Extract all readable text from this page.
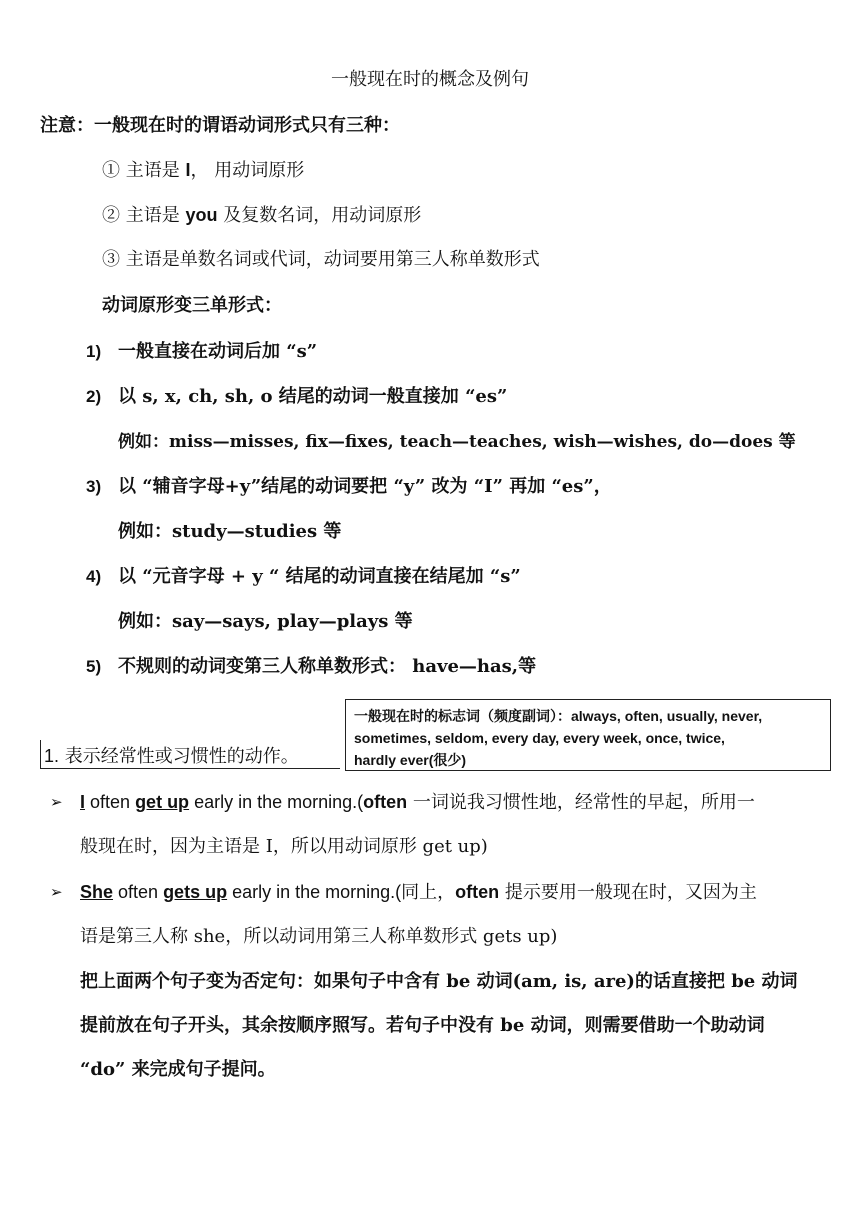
一般现在时的概念及例句
注意：一般现在时的谓语动词形式只有三种：
① 主语是 I， 用动词原形
② 主语是 you 及复数名词，用动词原形
③ 主语是单数名词或代词，动词要用第三人称单数形式
动词原形变三单形式：
1) 一般直接在动词后加 “s”
2) 以 s, x, ch, sh, o 结尾的动词一般直接加 “es”
例如：miss—misses, fix—fixes, teach—teaches, wish—wishes, do—does 等
3) 以 “辅音字母+y”结尾的动词要把 “y” 改为 “I” 再加 “es”，
例如：study—studies 等
4) 以 “元音字母 + y “ 结尾的动词直接在结尾加 “s”
例如：say—says, play—plays 等
5) 不规则的动词变第三人称单数形式： have—has,等
一般现在时的标志词（频度副词）：always, often, usually, never,
sometimes, seldom, every day, every week, once, twice,
hardly ever(很少)
1. 表示经常性或习惯性的动作。
➢ I often get up early in the morning.(often 一词说我习惯性地，经常性的早起，所用一
般现在时，因为主语是 I，所以用动词原形 get up)
➢ She often gets up early in the morning.(同上，often 提示要用一般现在时，又因为主
语是第三人称 she，所以动词用第三人称单数形式 gets up)
把上面两个句子变为否定句：如果句子中含有 be 动词(am, is, are)的话直接把 be 动词提前放在句子开头，其余按顺序照写。若句子中没有 be 动词，则需要借助一个助动词 “do” 来完成句子提问。
